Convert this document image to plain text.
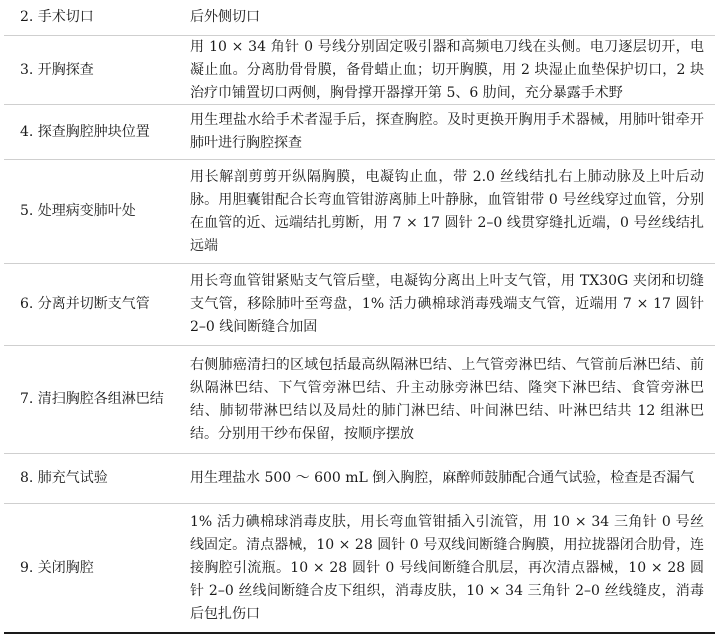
2. 手术切口	后外侧切口
3. 开胸探查
用 10 × 34 角针 0 号线分别固定吸引器和高频电刀线在头侧。电刀逐层切开，电凝止血。分离肋骨骨膜，备骨蜡止血；切开胸膜，用 2 块湿止血垫保护切口，2 块治疗巾铺置切口两侧，胸骨撑开器撑开第 5、6 肋间，充分暴露手术野
4. 探查胸腔肿块位置
用生理盐水给手术者湿手后，探查胸腔。及时更换开胸用手术器械，用肺叶钳牵开肺叶进行胸腔探查
5. 处理病变肺叶处
用长解剖剪剪开纵隔胸膜，电凝钩止血，带 2.0 丝线结扎右上肺动脉及上叶后动脉。用胆囊钳配合长弯血管钳游离肺上叶静脉，血管钳带 0 号丝线穿过血管，分别在血管的近、远端结扎剪断，用 7 × 17 圆针 2–0 线贯穿缝扎近端，0 号丝线结扎远端
6. 分离并切断支气管
用长弯血管钳紧贴支气管后壁，电凝钩分离出上叶支气管，用 TX30G 夹闭和切缝支气管，移除肺叶至弯盘，1% 活力碘棉球消毒残端支气管，近端用 7 × 17 圆针 2–0 线间断缝合加固
7. 清扫胸腔各组淋巴结
右侧肺癌清扫的区域包括最高纵隔淋巴结、上气管旁淋巴结、气管前后淋巴结、前纵隔淋巴结、下气管旁淋巴结、升主动脉旁淋巴结、隆突下淋巴结、食管旁淋巴结、肺韧带淋巴结以及局灶的肺门淋巴结、叶间淋巴结、叶淋巴结共 12 组淋巴结。分别用干纱布保留，按顺序摆放
8. 肺充气试验	用生理盐水 500 ～ 600 mL 倒入胸腔，麻醉师鼓肺配合通气试验，检查是否漏气
9. 关闭胸腔
1% 活力碘棉球消毒皮肤，用长弯血管钳插入引流管，用 10 × 34 三角针 0 号丝线固定。清点器械，10 × 28 圆针 0 号双线间断缝合胸膜，用拉拢器闭合肋骨，连接胸腔引流瓶。10 × 28 圆针 0 号线间断缝合肌层，再次清点器械，10 × 28 圆针 2–0 丝线间断缝合皮下组织，消毒皮肤，10 × 34 三角针 2–0 丝线缝皮，消毒后包扎伤口
